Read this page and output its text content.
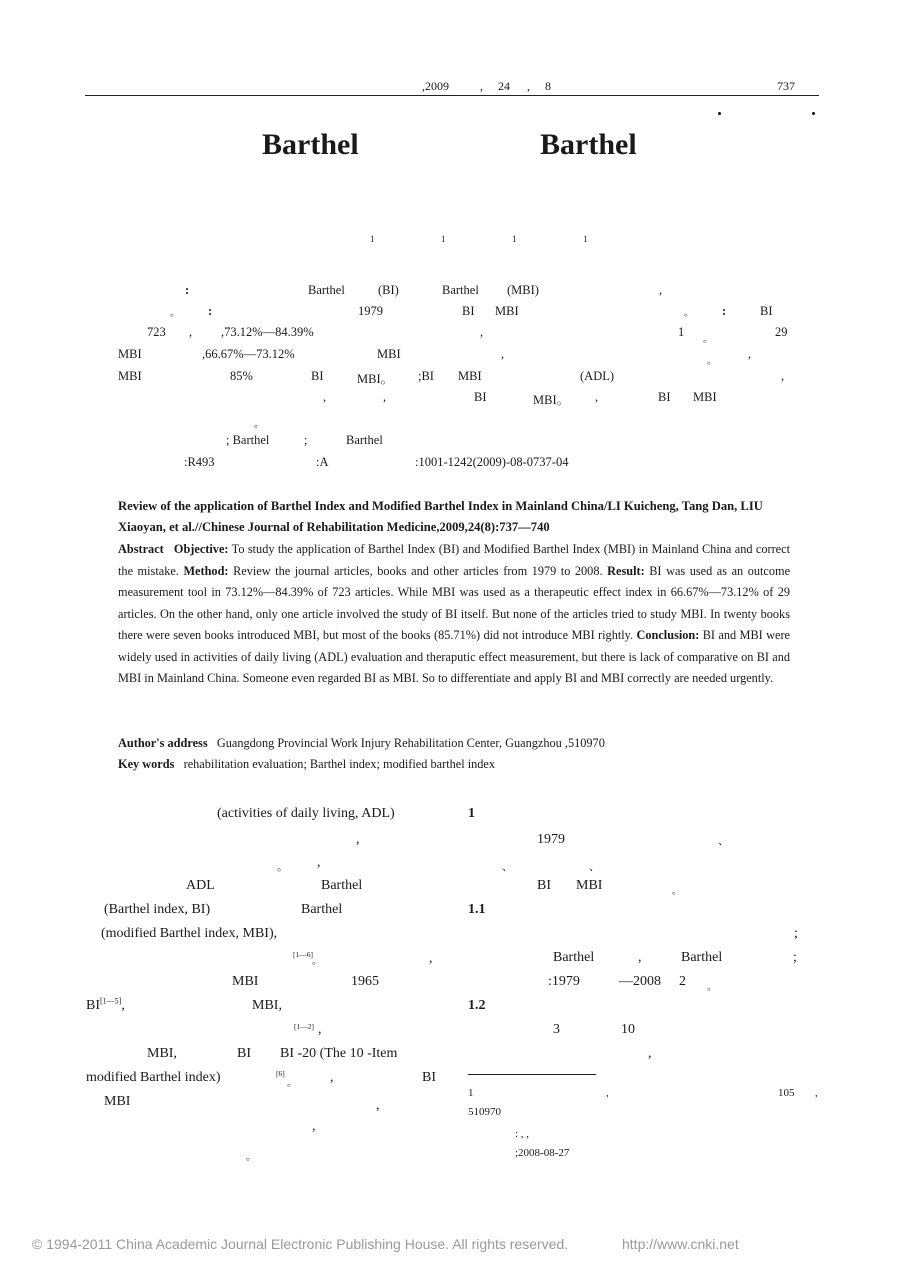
,2009	, 24 , 8	737
Barthel	Barthel
1	1	1	1
:	Barthel	(BI)	Barthel (MBI)	,
。 :	1979	BI MBI	。 :	BI
723 , ,73.12%—84.39%	,	1
。
29
MBI	,66.67%—73.12%	MBI	,
。
,
MBI	85%	BI	MBI。 ;BI MBI	(ADL)	,
,	,	BI	MBI。 ,	BI MBI
。
; Barthel	;	Barthel
:R493	:A	:1001-1242(2009)-08-0737-04
Review of the application of Barthel Index and Modified Barthel Index in Mainland China/LI Kuicheng, Tang Dan, LIU Xiaoyan, et al.//Chinese Journal of Rehabilitation Medicine,2009,24(8):737—740
Abstract Objective: To study the application of Barthel Index (BI) and Modified Barthel Index (MBI) in Mainland China and correct the mistake. Method: Review the journal articles, books and other articles from 1979 to 2008. Result: BI was used as an outcome measurement tool in 73.12%—84.39% of 723 articles. While MBI was used as a therapeutic effect index in 66.67%—73.12% of 29 articles. On the other hand, only one article involved the study of BI itself. But none of the articles tried to study MBI. In twenty books there were seven books introduced MBI, but most of the books (85.71%) did not introduce MBI rightly. Conclusion: BI and MBI were widely used in activities of daily living (ADL) evaluation and theraputic effect measurement, but there is lack of comparative on BI and MBI in Mainland China. Someone even regarded BI as MBI. So to differentiate and apply BI and MBI correctly are needed urgently.
Author's address Guangdong Provincial Work Injury Rehabilitation Center, Guangzhou ,510970
Key words rehabilitation evaluation; Barthel index; modified barthel index
(activities of daily living, ADL)
,
。 ,
ADL	Barthel
(Barthel index, BI)	Barthel
(modified Barthel index, MBI),
[1—6]
。	,
MBI	1965
BI[1—5],	MBI,
[1—2] ,
MBI,	BI BI -20 (The 10 -Item
modified Barthel index)	[6]
。 ,	BI
MBI	,
,
。
1
1979	、
、	、
BI MBI	。
1.1
;
Barthel	,	Barthel	;
:1979	—2008 2 。
1.2
3	10
,
1	,	105 ,
510970
: , ,
;2008-08-27
© 1994-2011 China Academic Journal Electronic Publishing House. All rights reserved.	http://www.cnki.net
